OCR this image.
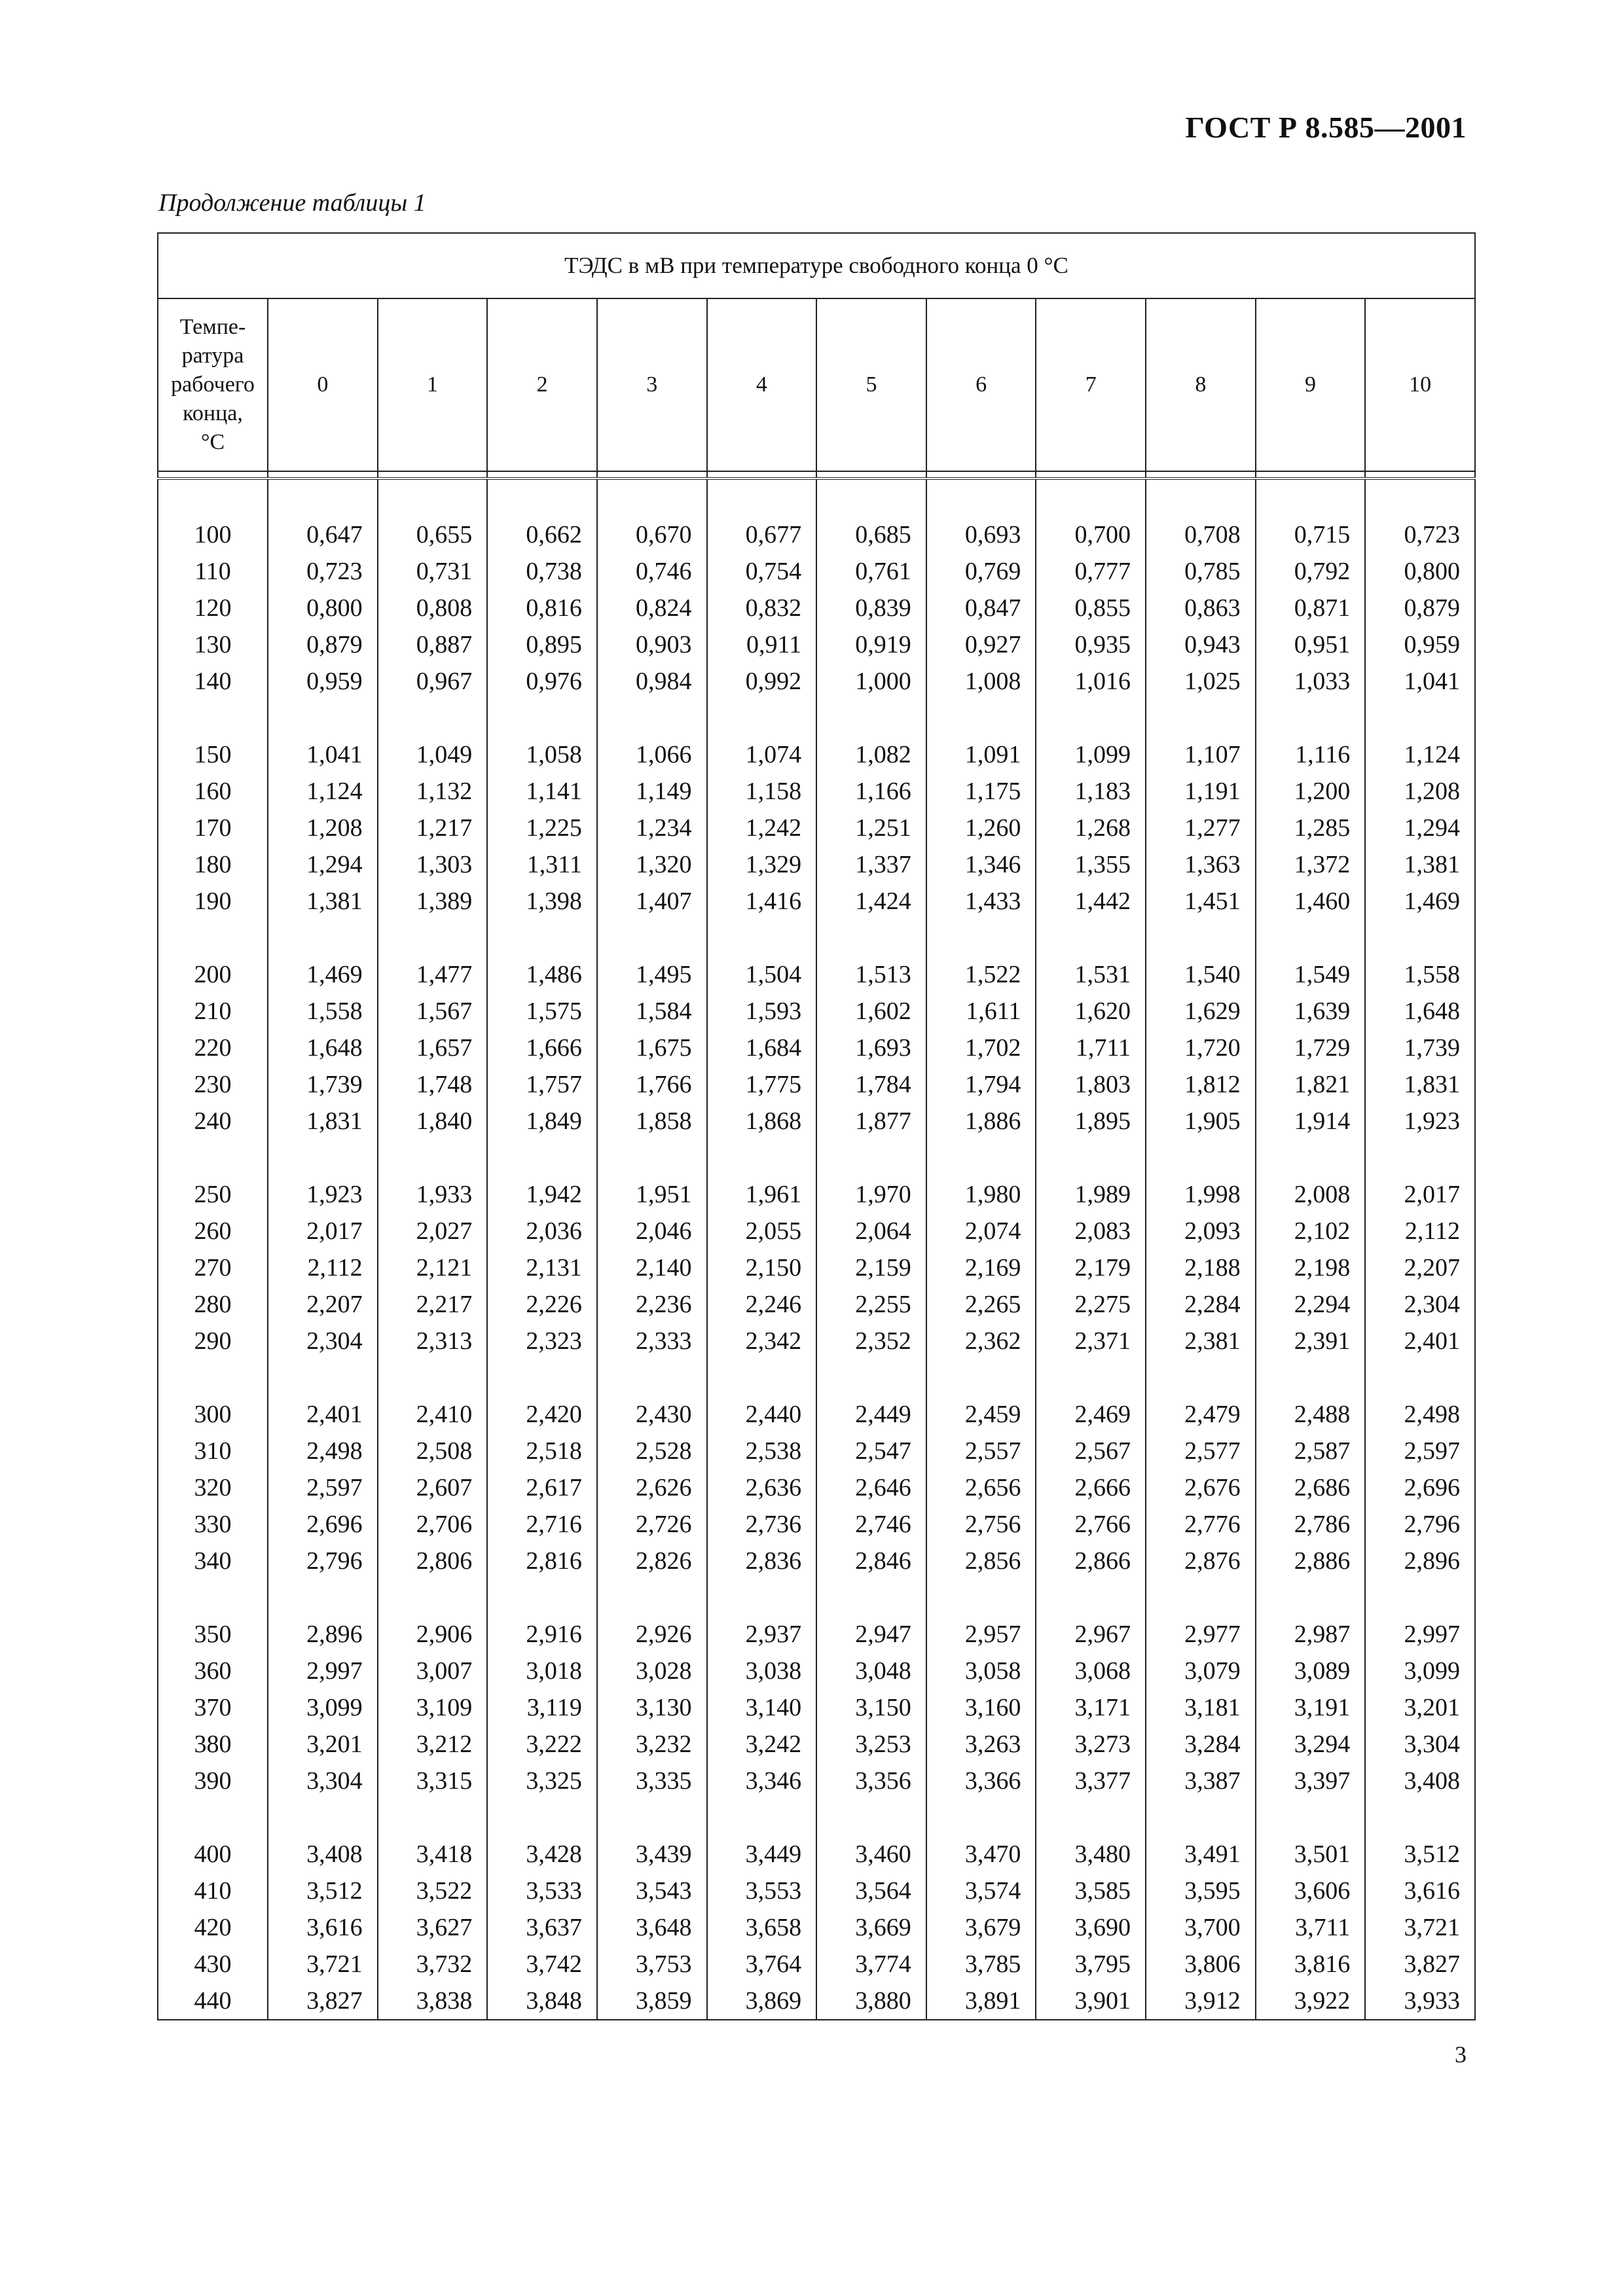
ГОСТ Р 8.585—2001
Продолжение таблицы 1
ТЭДС в мВ при температуре свободного конца 0 °С											

Темпе-
ратура
рабочего
конца,
°С	0	1	2	3	4	5	6	7	8	9	10

100	0,647	0,655	0,662	0,670	0,677	0,685	0,693	0,700	0,708	0,715	0,723
110	0,723	0,731	0,738	0,746	0,754	0,761	0,769	0,777	0,785	0,792	0,800
120	0,800	0,808	0,816	0,824	0,832	0,839	0,847	0,855	0,863	0,871	0,879
130	0,879	0,887	0,895	0,903	0,911	0,919	0,927	0,935	0,943	0,951	0,959
140	0,959	0,967	0,976	0,984	0,992	1,000	1,008	1,016	1,025	1,033	1,041

150	1,041	1,049	1,058	1,066	1,074	1,082	1,091	1,099	1,107	1,116	1,124
160	1,124	1,132	1,141	1,149	1,158	1,166	1,175	1,183	1,191	1,200	1,208
170	1,208	1,217	1,225	1,234	1,242	1,251	1,260	1,268	1,277	1,285	1,294
180	1,294	1,303	1,311	1,320	1,329	1,337	1,346	1,355	1,363	1,372	1,381
190	1,381	1,389	1,398	1,407	1,416	1,424	1,433	1,442	1,451	1,460	1,469

200	1,469	1,477	1,486	1,495	1,504	1,513	1,522	1,531	1,540	1,549	1,558
210	1,558	1,567	1,575	1,584	1,593	1,602	1,611	1,620	1,629	1,639	1,648
220	1,648	1,657	1,666	1,675	1,684	1,693	1,702	1,711	1,720	1,729	1,739
230	1,739	1,748	1,757	1,766	1,775	1,784	1,794	1,803	1,812	1,821	1,831
240	1,831	1,840	1,849	1,858	1,868	1,877	1,886	1,895	1,905	1,914	1,923

250	1,923	1,933	1,942	1,951	1,961	1,970	1,980	1,989	1,998	2,008	2,017
260	2,017	2,027	2,036	2,046	2,055	2,064	2,074	2,083	2,093	2,102	2,112
270	2,112	2,121	2,131	2,140	2,150	2,159	2,169	2,179	2,188	2,198	2,207
280	2,207	2,217	2,226	2,236	2,246	2,255	2,265	2,275	2,284	2,294	2,304
290	2,304	2,313	2,323	2,333	2,342	2,352	2,362	2,371	2,381	2,391	2,401

300	2,401	2,410	2,420	2,430	2,440	2,449	2,459	2,469	2,479	2,488	2,498
310	2,498	2,508	2,518	2,528	2,538	2,547	2,557	2,567	2,577	2,587	2,597
320	2,597	2,607	2,617	2,626	2,636	2,646	2,656	2,666	2,676	2,686	2,696
330	2,696	2,706	2,716	2,726	2,736	2,746	2,756	2,766	2,776	2,786	2,796
340	2,796	2,806	2,816	2,826	2,836	2,846	2,856	2,866	2,876	2,886	2,896

350	2,896	2,906	2,916	2,926	2,937	2,947	2,957	2,967	2,977	2,987	2,997
360	2,997	3,007	3,018	3,028	3,038	3,048	3,058	3,068	3,079	3,089	3,099
370	3,099	3,109	3,119	3,130	3,140	3,150	3,160	3,171	3,181	3,191	3,201
380	3,201	3,212	3,222	3,232	3,242	3,253	3,263	3,273	3,284	3,294	3,304
390	3,304	3,315	3,325	3,335	3,346	3,356	3,366	3,377	3,387	3,397	3,408

400	3,408	3,418	3,428	3,439	3,449	3,460	3,470	3,480	3,491	3,501	3,512
410	3,512	3,522	3,533	3,543	3,553	3,564	3,574	3,585	3,595	3,606	3,616
420	3,616	3,627	3,637	3,648	3,658	3,669	3,679	3,690	3,700	3,711	3,721
430	3,721	3,732	3,742	3,753	3,764	3,774	3,785	3,795	3,806	3,816	3,827
440	3,827	3,838	3,848	3,859	3,869	3,880	3,891	3,901	3,912	3,922	3,933
3
